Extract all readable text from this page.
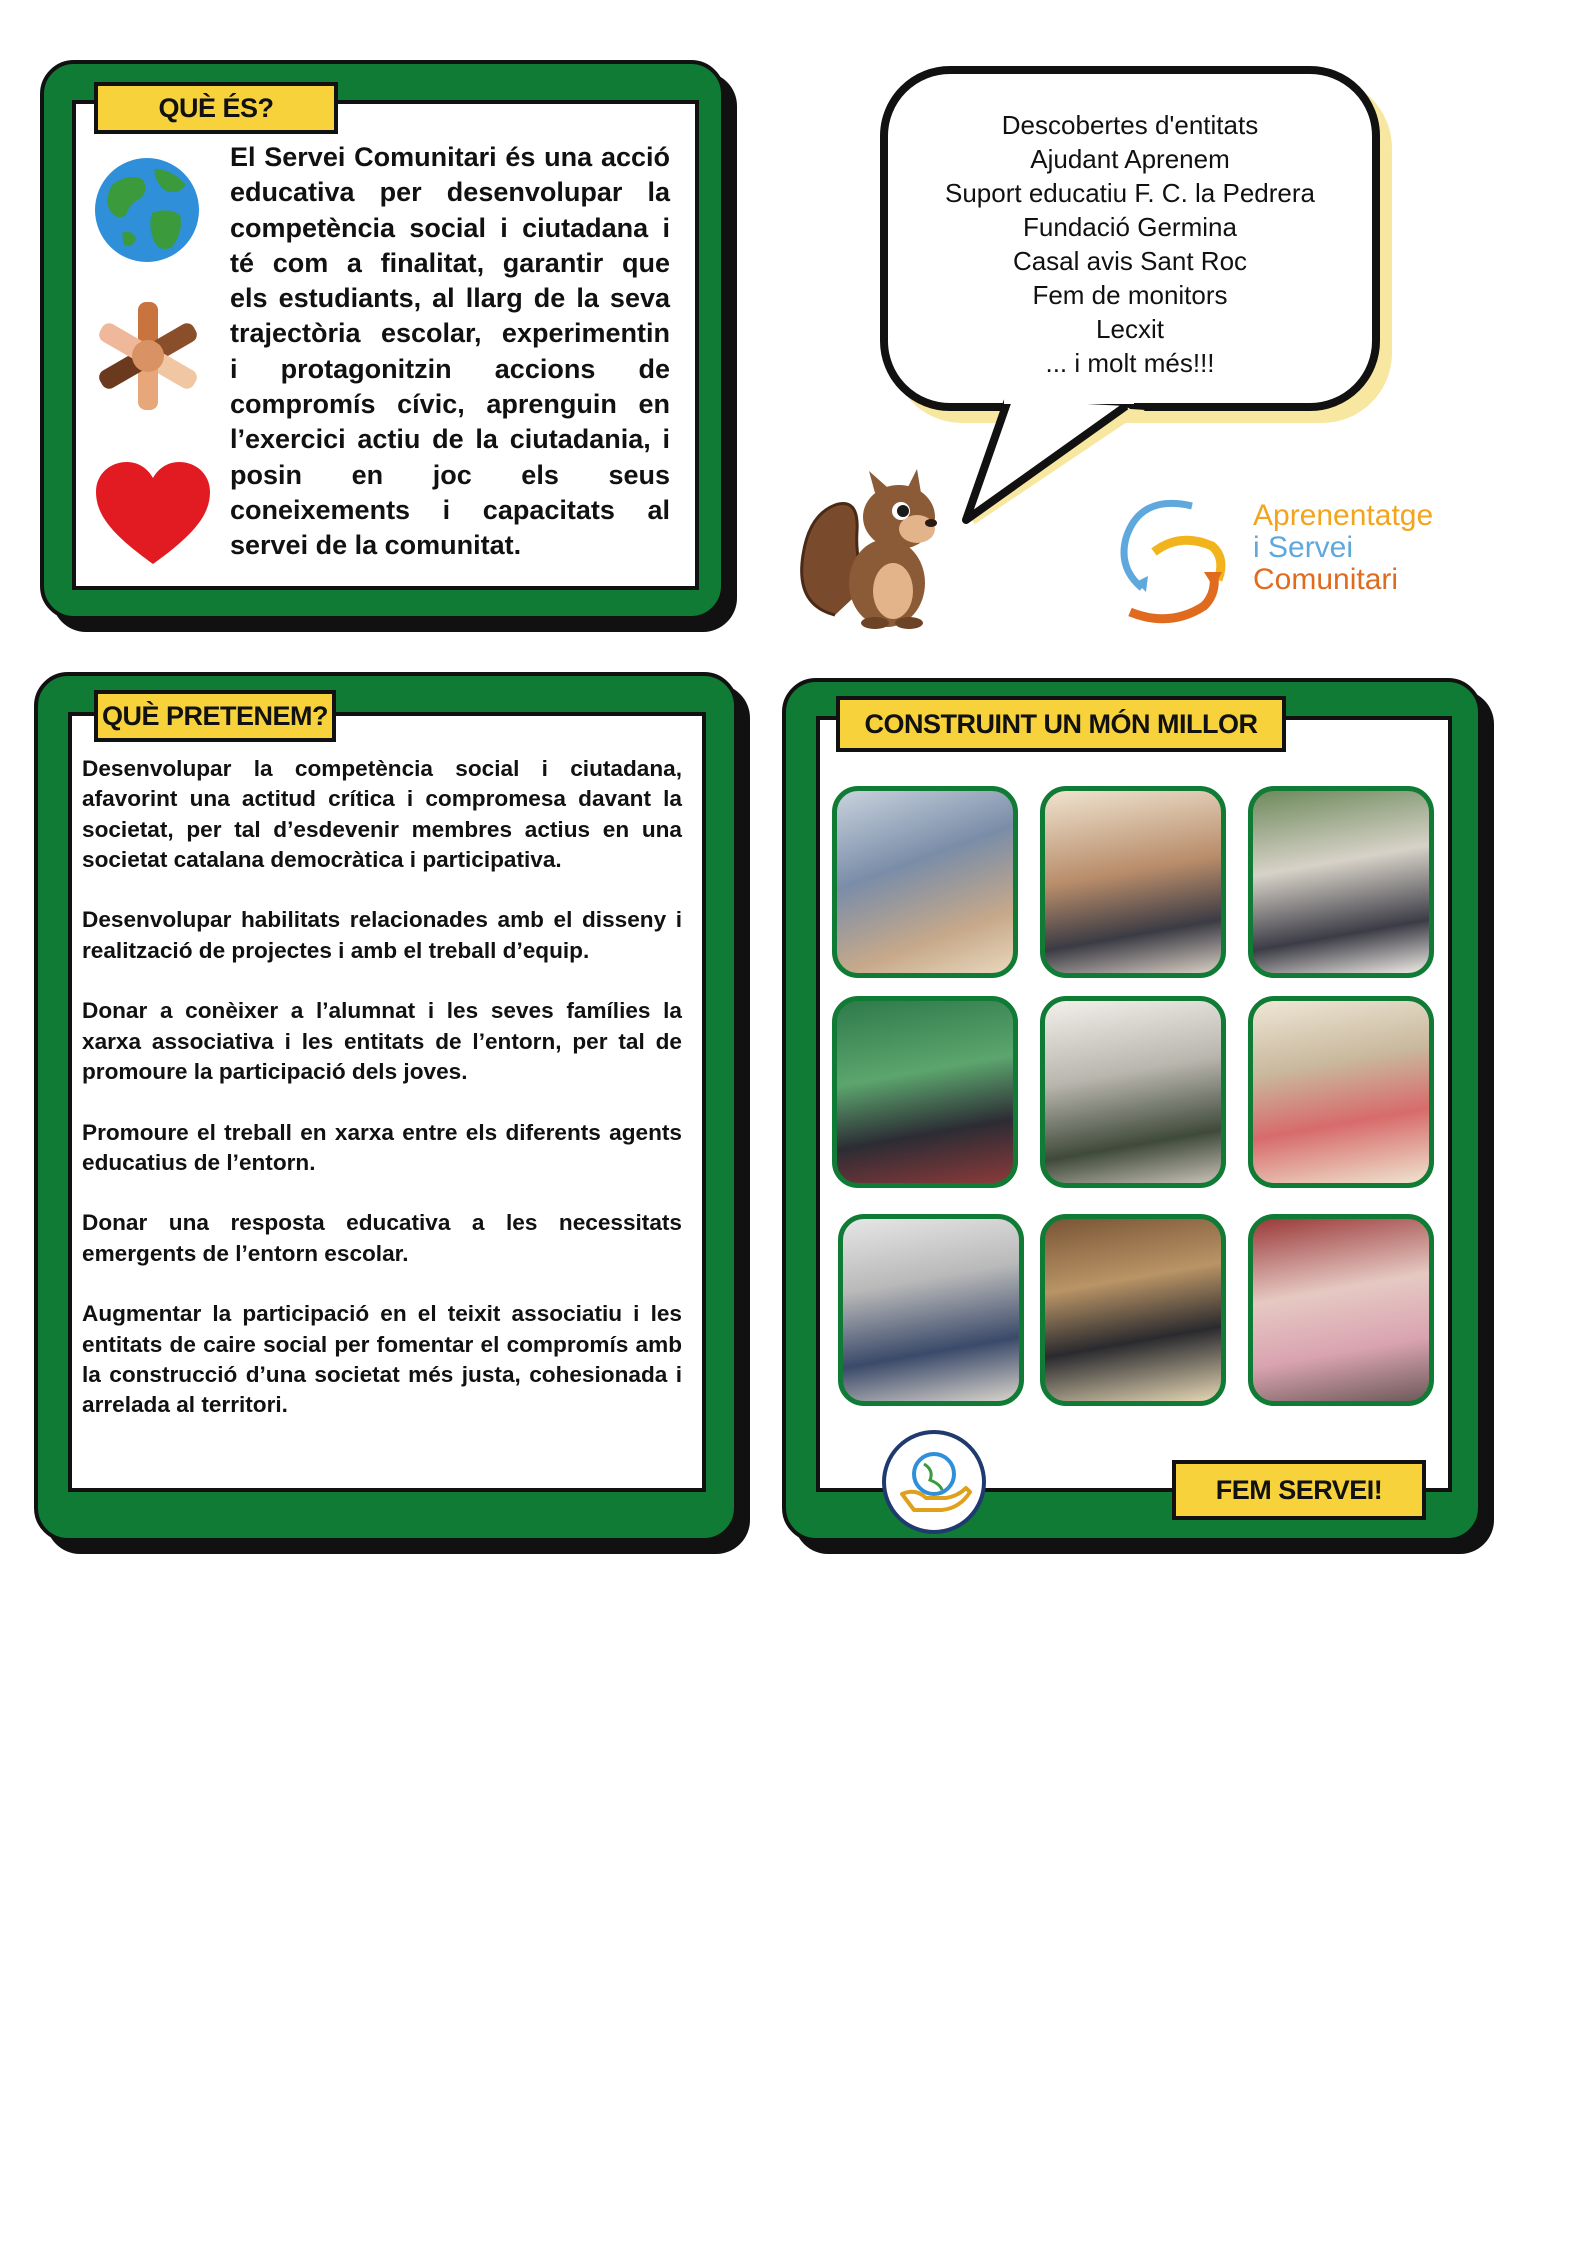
QUÈ ÉS?
El Servei Comunitari és una acció
educativa per desenvolupar la
competència social i ciutadana i
té com a finalitat, garantir que
els estudiants, al llarg de la seva
trajectòria escolar, experimentin
i protagonitzin accions de
compromís cívic, aprenguin en
l’exercici actiu de la ciutadania, i
posin en joc els seus
coneixements i capacitats al
servei de la comunitat.
Descobertes d'entitats
Ajudant Aprenem
Suport educatiu F. C. la Pedrera
Fundació Germina
Casal avis Sant Roc
Fem de monitors
Lecxit
... i molt més!!!
Aprenentatge
i Servei
Comunitari
QUÈ PRETENEM?

Desenvolupar la competència social i ciutadana, afavorint una actitud crítica i compromesa davant la societat, per tal d’esdevenir membres actius en una societat catalana democràtica i participativa.

Desenvolupar habilitats relacionades amb el disseny i realització de projectes i amb el treball d’equip.

Donar a conèixer a l’alumnat i les seves famílies la xarxa associativa i les entitats de l’entorn, per tal de promoure la participació dels joves.

Promoure el treball en xarxa entre els diferents agents educatius de l’entorn.

Donar una resposta educativa a les necessitats emergents de l’entorn escolar.

Augmentar la participació en el teixit associatiu i les entitats de caire social per fomentar el compromís amb la construcció d’una societat més justa, cohesionada i arrelada al territori.

CONSTRUINT UN MÓN MILLOR
FEM SERVEI!
